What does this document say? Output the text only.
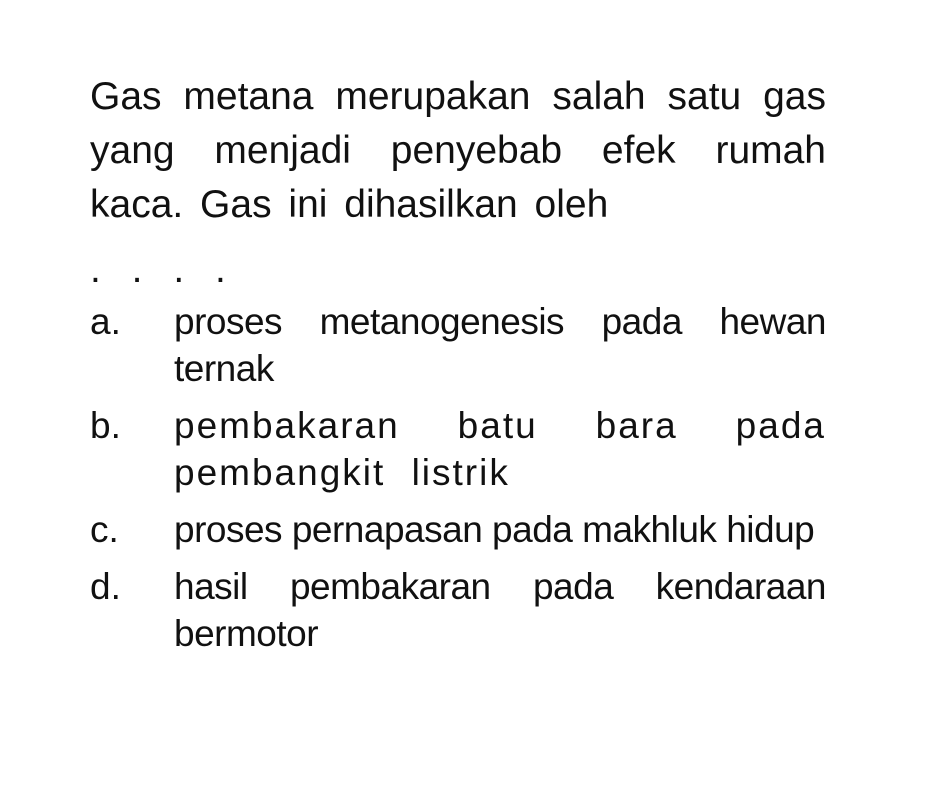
Gas metana merupakan salah satu gas yang menjadi penyebab efek rumah kaca. Gas ini dihasilkan oleh
. . . .
a.	proses metanogenesis pada hewan ternak
b.	pembakaran batu bara pada pembangkit listrik
c.	proses pernapasan pada makhluk hidup
d.	hasil pembakaran pada kendaraan bermotor
